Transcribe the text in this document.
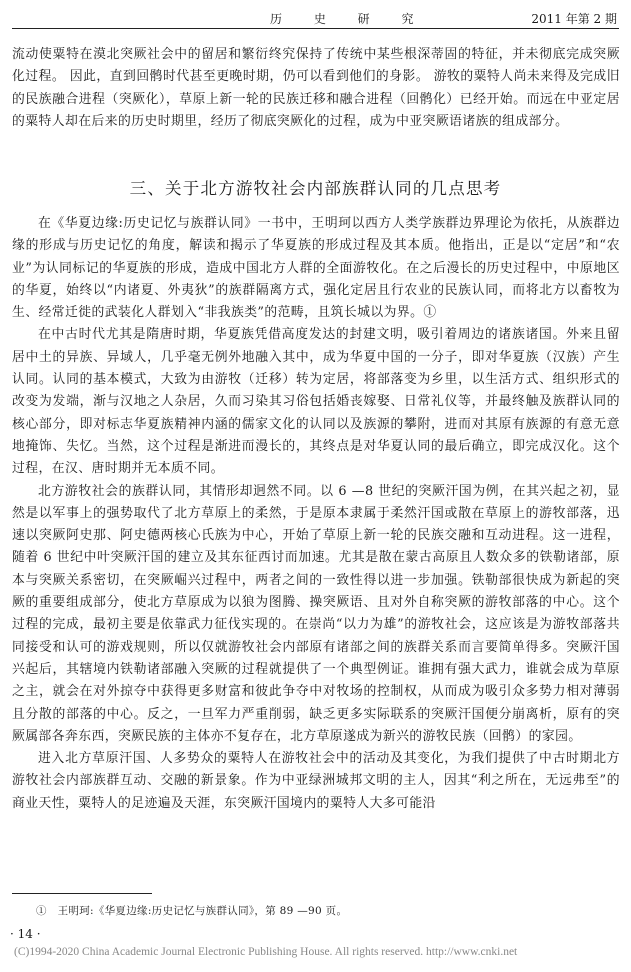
历 史 研 究	2011 年第 2 期

流动使粟特在漠北突厥社会中的留居和繁衍终究保持了传统中某些根深蒂固的特征，并未彻底完成突厥化过程。 因此，直到回鹘时代甚至更晚时期，仍可以看到他们的身影。 游牧的粟特人尚未来得及完成旧的民族融合进程（突厥化），草原上新一轮的民族迁移和融合进程（回鹘化）已经开始。而远在中亚定居的粟特人却在后来的历史时期里，经历了彻底突厥化的过程，成为中亚突厥语诸族的组成部分。

三、关于北方游牧社会内部族群认同的几点思考

在《华夏边缘:历史记忆与族群认同》一书中，王明珂以西方人类学族群边界理论为依托，从族群边缘的形成与历史记忆的角度，解读和揭示了华夏族的形成过程及其本质。他指出，正是以“定居”和“农业”为认同标记的华夏族的形成，造成中国北方人群的全面游牧化。在之后漫长的历史过程中，中原地区的华夏，始终以“内诸夏、外夷狄”的族群隔离方式，强化定居且行农业的民族认同，而将北方以畜牧为生、经常迁徙的武装化人群划入“非我族类”的范畴，且筑长城以为界。①

在中古时代尤其是隋唐时期，华夏族凭借高度发达的封建文明，吸引着周边的诸族诸国。外来且留居中土的异族、异域人，几乎毫无例外地融入其中，成为华夏中国的一分子，即对华夏族（汉族）产生认同。认同的基本模式，大致为由游牧（迁移）转为定居，将部落变为乡里，以生活方式、组织形式的改变为发端，渐与汉地之人杂居，久而习染其习俗包括婚丧嫁娶、日常礼仪等，并最终触及族群认同的核心部分，即对标志华夏族精神内涵的儒家文化的认同以及族源的攀附，进而对其原有族源的有意无意地掩饰、失忆。当然，这个过程是渐进而漫长的，其终点是对华夏认同的最后确立，即完成汉化。这个过程，在汉、唐时期并无本质不同。

北方游牧社会的族群认同，其情形却迥然不同。以 6 —8 世纪的突厥汗国为例，在其兴起之初，显然是以军事上的强势取代了北方草原上的柔然，于是原本隶属于柔然汗国或散在草原上的游牧部落，迅速以突厥阿史那、阿史德两核心氏族为中心，开始了草原上新一轮的民族交融和互动进程。这一进程，随着 6 世纪中叶突厥汗国的建立及其东征西讨而加速。尤其是散在蒙古高原且人数众多的铁勒诸部，原本与突厥关系密切，在突厥崛兴过程中，两者之间的一致性得以进一步加强。铁勒部很快成为新起的突厥的重要组成部分，使北方草原成为以狼为图腾、操突厥语、且对外自称突厥的游牧部落的中心。这个过程的完成，最初主要是依靠武力征伐实现的。在崇尚“以力为雄”的游牧社会，这应该是为游牧部落共同接受和认可的游戏规则，所以仅就游牧社会内部原有诸部之间的族群关系而言要简单得多。突厥汗国兴起后，其辖境内铁勒诸部融入突厥的过程就提供了一个典型例证。谁拥有强大武力，谁就会成为草原之主，就会在对外掠夺中获得更多财富和彼此争夺中对牧场的控制权，从而成为吸引众多势力相对薄弱且分散的部落的中心。反之，一旦军力严重削弱，缺乏更多实际联系的突厥汗国便分崩离析，原有的突厥属部各奔东西，突厥民族的主体亦不复存在，北方草原遂成为新兴的游牧民族（回鹘）的家园。

进入北方草原汗国、人多势众的粟特人在游牧社会中的活动及其变化，为我们提供了中古时期北方游牧社会内部族群互动、交融的新景象。作为中亚绿洲城邦文明的主人，因其“利之所在，无远弗至”的商业天性，粟特人的足迹遍及天涯，东突厥汗国境内的粟特人大多可能沿

①　王明珂:《华夏边缘:历史记忆与族群认同》，第 89 —90 页。
· 14 ·
(C)1994-2020 China Academic Journal Electronic Publishing House. All rights reserved. http://www.cnki.net
